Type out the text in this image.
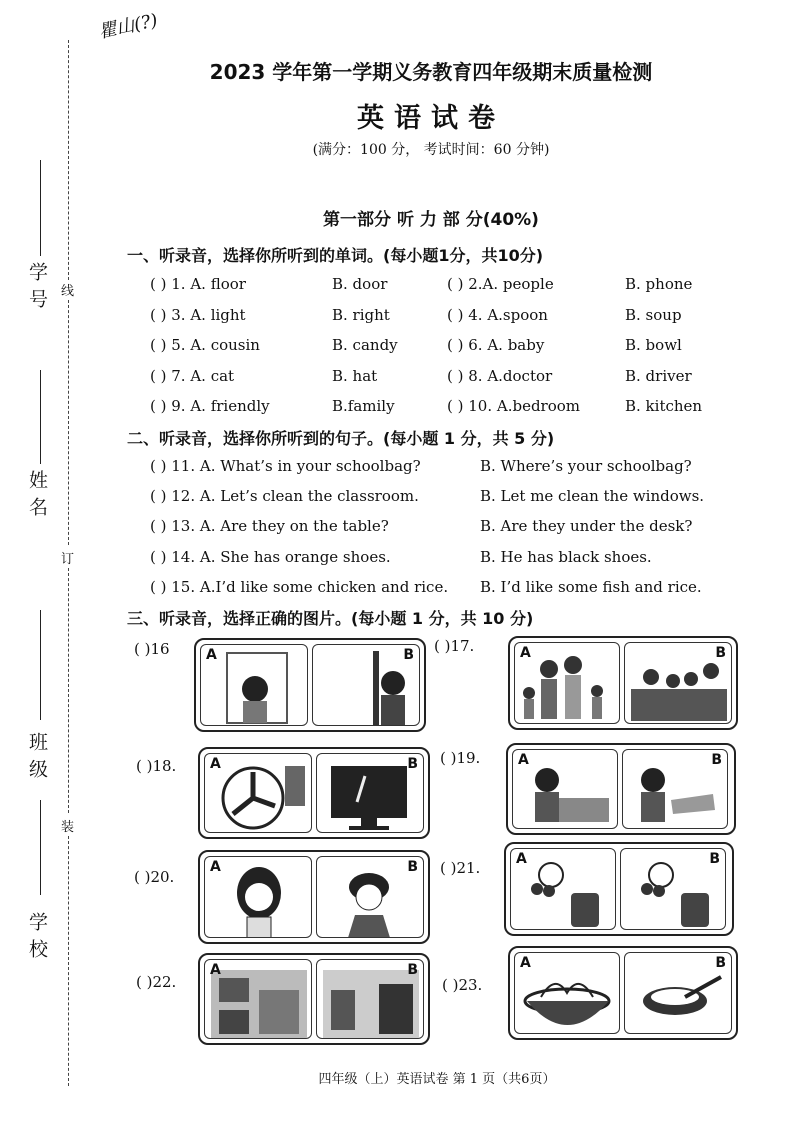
瞿山(?)
学号
姓名
班级
学校
线
订
装
2023 学年第一学期义务教育四年级期末质量检测
英语试卷
(满分：100 分， 考试时间：60 分钟)
第一部分 听 力 部 分(40%)
一、听录音，选择你所听到的单词。(每小题1分，共10分)
( ) 1. A. floor	B. door	( ) 2.A. people	B. phone
( ) 3. A. light	B. right	( ) 4. A.spoon	B. soup
( ) 5. A. cousin	B. candy	( ) 6. A. baby	B. bowl
( ) 7. A. cat	B. hat	( ) 8. A.doctor	B. driver
( ) 9. A. friendly	B.family	( ) 10. A.bedroom	B. kitchen
二、听录音，选择你所听到的句子。(每小题 1 分，共 5 分)
( ) 11. A. What’s in your schoolbag?	B. Where’s your schoolbag?
( ) 12. A. Let’s clean the classroom.	B. Let me clean the windows.
( ) 13. A. Are they on the table?	B. Are they under the desk?
( ) 14. A. She has orange shoes.	B. He has black shoes.
( ) 15. A.I’d like some chicken and rice. B. I’d like some fish and rice.
三、听录音，选择正确的图片。(每小题 1 分，共 10 分)
( )16	A	B
( )18. A	B
( )20.
A	B
( )22.
A	B
( )17.	A	B
( )19.	A	B
( )21.	A	B
( )23.
A	B
四年级（上）英语试卷 第 1 页（共6页）
